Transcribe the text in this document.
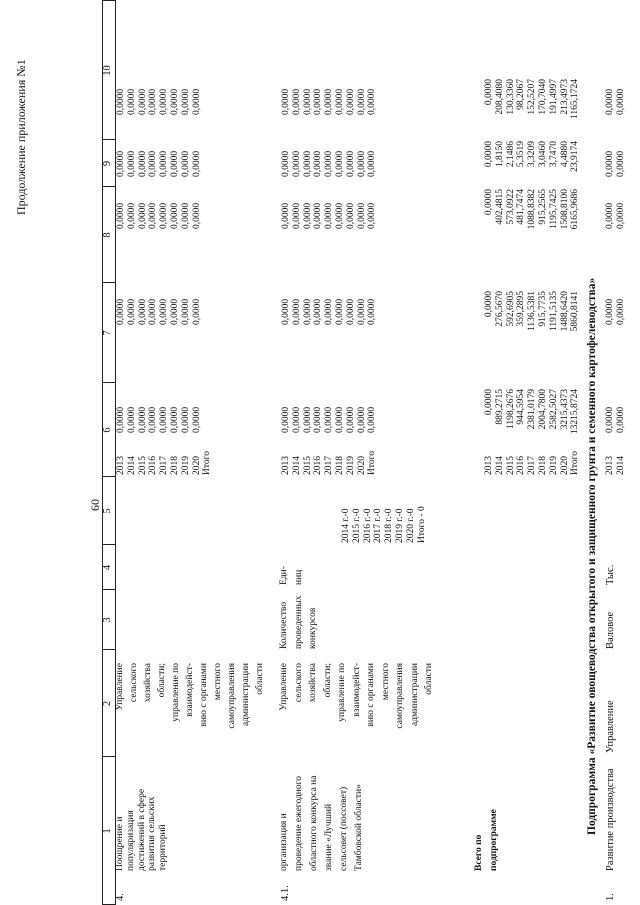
Продолжение приложения №1
60
1
2
3
4
5
6
7
8
9
10
4.
Поощрение и популяризация достижений в сфере развития сельских территорий
Управление сельского хозяйства области; управление по взаимодейст- вию с органами местного самоуправления администрации области
2013 2014 2015 2016 2017 2018 2019 2020 Итого
0,0000 0,0000 0,0000 0,0000 0,0000 0,0000 0,0000 0,0000
0,0000 0,0000 0,0000 0,0000 0,0000 0,0000 0,0000 0,0000
0,0000 0,0000 0,0000 0,0000 0,0000 0,0000 0,0000 0,0000
0,0000 0,0000 0,0000 0,0000 0,0000 0,0000 0,0000 0,0000
0,0000 0,0000 0,0000 0,0000 0,0000 0,0000 0,0000 0,0000
4.1.
организация и проведение ежегодного областного конкурса на звание «Лучший сельсовет (поссовет) Тамбовской области»
Управление сельского хозяйства области; управление по взаимодейст- вию с органами местного самоуправления администрации области
Количество проведенных конкурсов
Еди- ниц
2014 г.-0 2015 г.-0 2016 г.-0 2017 г.-0 2018 г.-0 2019 г.-0 2020 г.-0 Итого - 0
2013 2014 2015 2016 2017 2018 2019 2020 Итого
0,0000 0,0000 0,0000 0,0000 0,0000 0,0000 0,0000 0,0000 0,0000
0,0000 0,0000 0,0000 0,0000 0,0000 0,0000 0,0000 0,0000 0,0000
0,0000 0,0000 0,0000 0,0000 0,0000 0,0000 0,0000 0,0000 0,0000
0,0000 0,0000 0,0000 0,0000 0,0000 0,0000 0,0000 0,0000 0,0000
0,0000 0,0000 0,0000 0,0000 0,0000 0,0000 0,0000 0,0000 0,0000
Всего по подпрограмме
2013 2014 2015 2016 2017 2018 2019 2020 Итого
0,0000 889,2715 1198,2676 944,5954 2381,0179 2004,7800 2582,5027 3215,4373 13215,8724
0,0000 276,5670 592,6905 359,2895 1136,5381 915,7735 1191,5135 1488,6420 5860,8141
0,0000 402,4815 573,0922 481,7474 1088,8382 915,2565 1195,7425 1508,8100 6165,9686
0,0000 1,8150 2,1486 5,3519 3,3209 3,0460 3,7470 4,4880 23,9174
0,0000 208,4080 130,3360 98,2067 152,5207 170,7040 191,4997 213,4973 1165,1724
Подпрограмма «Развитие овощеводства открытого и защищенного грунта и семенного картофелеводства»
1.
Развитие производства
Управление
Валовое
Тыс.
2013 2014
0,0000 0,0000
0,0000 0,0000
0,0000 0,0000
0,0000 0,0000
0,0000 0,0000
